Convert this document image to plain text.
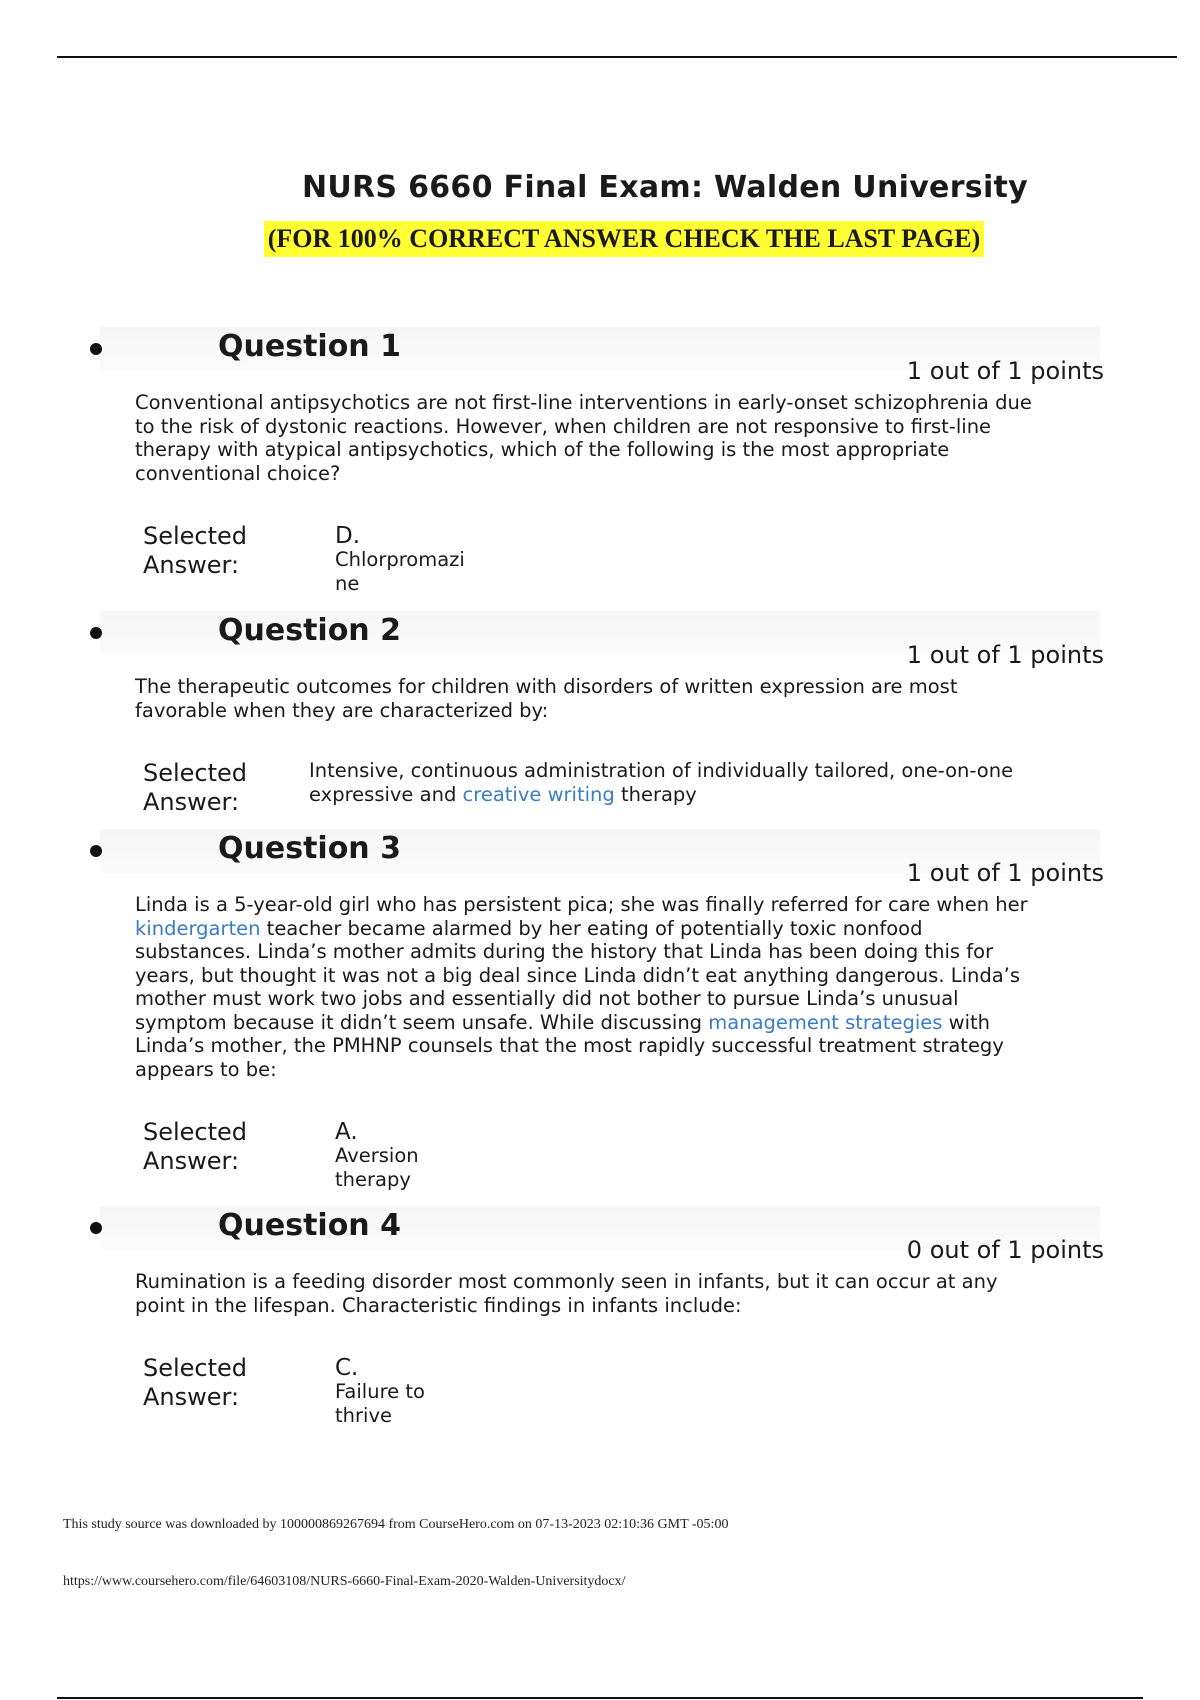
NURS 6660 Final Exam: Walden University
(FOR 100% CORRECT ANSWER CHECK THE LAST PAGE)
Question 1
1 out of 1 points
Conventional antipsychotics are not first-line interventions in early-onset schizophrenia due to the risk of dystonic reactions. However, when children are not responsive to first-line therapy with atypical antipsychotics, which of the following is the most appropriate conventional choice?
Selected
Answer:
D.
Chlorpromazi
ne
Question 2
1 out of 1 points
The therapeutic outcomes for children with disorders of written expression are most favorable when they are characterized by:
Selected
Answer:
Intensive, continuous administration of individually tailored, one-on-one expressive and creative writing therapy
Question 3
1 out of 1 points
Linda is a 5-year-old girl who has persistent pica; she was finally referred for care when her kindergarten teacher became alarmed by her eating of potentially toxic nonfood substances. Linda’s mother admits during the history that Linda has been doing this for years, but thought it was not a big deal since Linda didn’t eat anything dangerous. Linda’s mother must work two jobs and essentially did not bother to pursue Linda’s unusual symptom because it didn’t seem unsafe. While discussing management strategies with Linda’s mother, the PMHNP counsels that the most rapidly successful treatment strategy appears to be:
Selected
Answer:
A.
Aversion
therapy
Question 4
0 out of 1 points
Rumination is a feeding disorder most commonly seen in infants, but it can occur at any point in the lifespan. Characteristic findings in infants include:
Selected
Answer:
C.
Failure to
thrive
This study source was downloaded by 100000869267694 from CourseHero.com on 07-13-2023 02:10:36 GMT -05:00
https://www.coursehero.com/file/64603108/NURS-6660-Final-Exam-2020-Walden-Universitydocx/
